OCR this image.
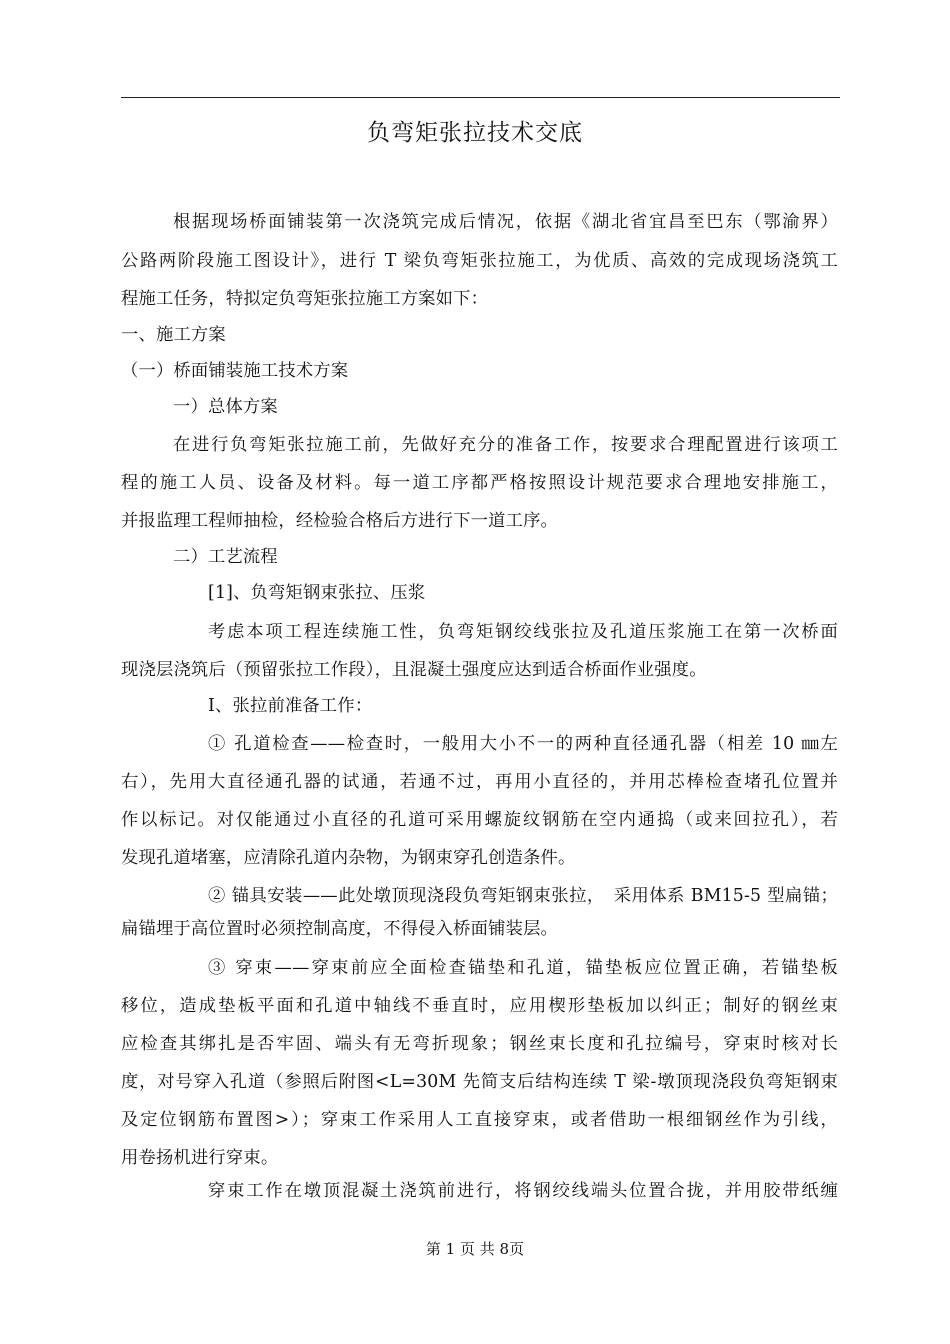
负弯矩张拉技术交底
根据现场桥面铺装第一次浇筑完成后情况，依据《湖北省宜昌至巴东（鄂渝界）
公路两阶段施工图设计》，进行 T 梁负弯矩张拉施工，为优质、高效的完成现场浇筑工
程施工任务，特拟定负弯矩张拉施工方案如下：
一、施工方案
（一）桥面铺装施工技术方案
一）总体方案
在进行负弯矩张拉施工前，先做好充分的准备工作，按要求合理配置进行该项工
程的施工人员、设备及材料。每一道工序都严格按照设计规范要求合理地安排施工，
并报监理工程师抽检，经检验合格后方进行下一道工序。
二）工艺流程
[1]、负弯矩钢束张拉、压浆
考虑本项工程连续施工性，负弯矩钢绞线张拉及孔道压浆施工在第一次桥面
现浇层浇筑后（预留张拉工作段），且混凝土强度应达到适合桥面作业强度。
Ⅰ、张拉前准备工作：
① 孔道检查——检查时，一般用大小不一的两种直径通孔器（相差 10 ㎜左
右），先用大直径通孔器的试通，若通不过，再用小直径的，并用芯棒检查堵孔位置并
作以标记。对仅能通过小直径的孔道可采用螺旋纹钢筋在空内通捣（或来回拉孔），若
发现孔道堵塞，应清除孔道内杂物，为钢束穿孔创造条件。
② 锚具安装——此处墩顶现浇段负弯矩钢束张拉，　采用体系 BM15-5 型扁锚；
扁锚埋于高位置时必须控制高度，不得侵入桥面铺装层。
③ 穿束——穿束前应全面检查锚垫和孔道，锚垫板应位置正确，若锚垫板
移位，造成垫板平面和孔道中轴线不垂直时，应用楔形垫板加以纠正；制好的钢丝束
应检查其绑扎是否牢固、端头有无弯折现象；钢丝束长度和孔拉编号，穿束时核对长
度，对号穿入孔道（参照后附图<L=30M 先简支后结构连续 T 梁-墩顶现浇段负弯矩钢束
及定位钢筋布置图>）；穿束工作采用人工直接穿束，或者借助一根细钢丝作为引线，
用卷扬机进行穿束。
穿束工作在墩顶混凝土浇筑前进行，将钢绞线端头位置合拢，并用胶带纸缠
第 1 页 共 8页
